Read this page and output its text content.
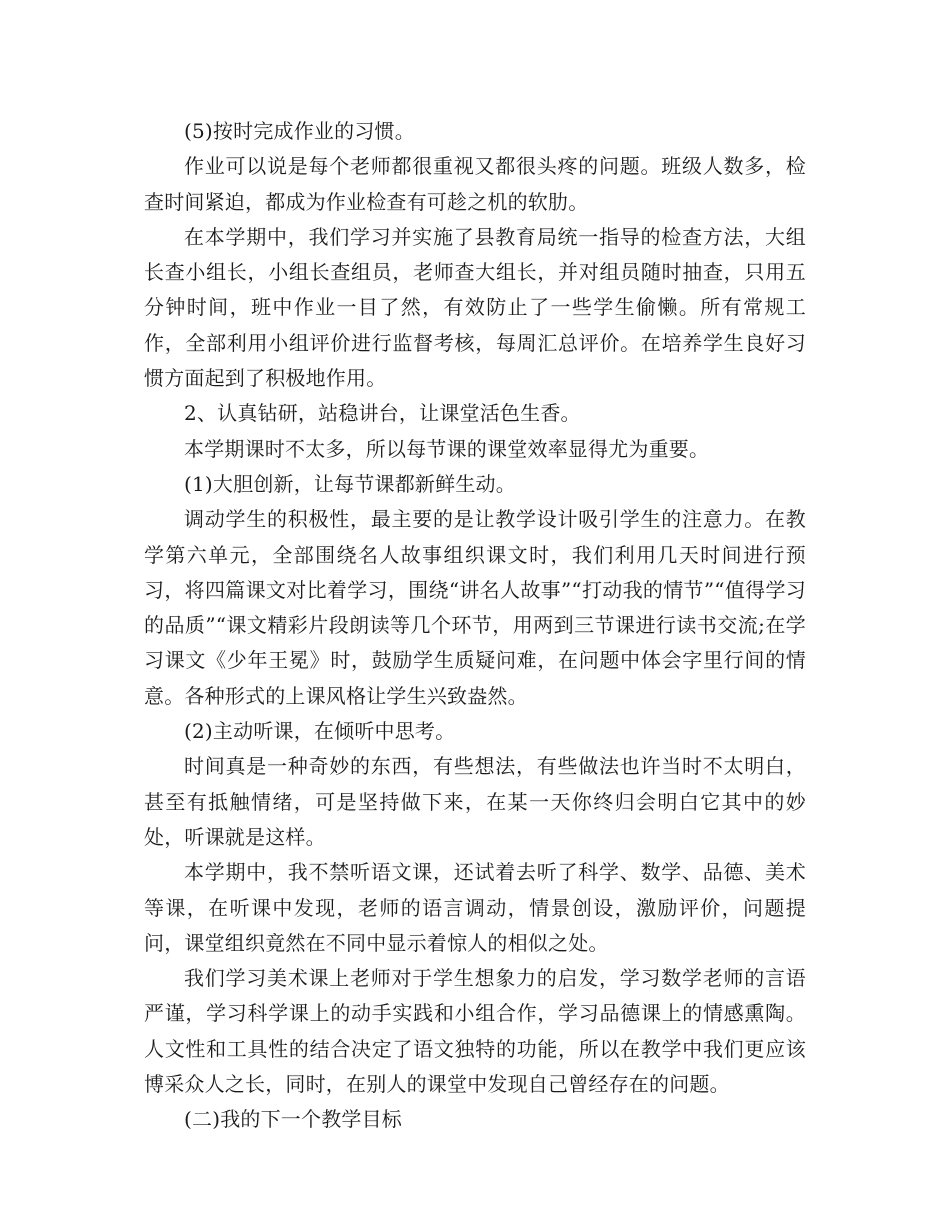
(5)按时完成作业的习惯。

作业可以说是每个老师都很重视又都很头疼的问题。班级人数多，检查时间紧迫，都成为作业检查有可趁之机的软肋。

在本学期中，我们学习并实施了县教育局统一指导的检查方法，大组长查小组长，小组长查组员，老师查大组长，并对组员随时抽查，只用五分钟时间，班中作业一目了然，有效防止了一些学生偷懒。所有常规工作，全部利用小组评价进行监督考核，每周汇总评价。在培养学生良好习惯方面起到了积极地作用。

2、认真钻研，站稳讲台，让课堂活色生香。

本学期课时不太多，所以每节课的课堂效率显得尤为重要。

(1)大胆创新，让每节课都新鲜生动。

调动学生的积极性，最主要的是让教学设计吸引学生的注意力。在教学第六单元，全部围绕名人故事组织课文时，我们利用几天时间进行预习，将四篇课文对比着学习，围绕“讲名人故事”“打动我的情节”“值得学习的品质”“课文精彩片段朗读等几个环节，用两到三节课进行读书交流;在学习课文《少年王冕》时，鼓励学生质疑问难，在问题中体会字里行间的情意。各种形式的上课风格让学生兴致盎然。

(2)主动听课，在倾听中思考。

时间真是一种奇妙的东西，有些想法，有些做法也许当时不太明白，甚至有抵触情绪，可是坚持做下来，在某一天你终归会明白它其中的妙处，听课就是这样。

本学期中，我不禁听语文课，还试着去听了科学、数学、品德、美术等课，在听课中发现，老师的语言调动，情景创设，激励评价，问题提问，课堂组织竟然在不同中显示着惊人的相似之处。

我们学习美术课上老师对于学生想象力的启发，学习数学老师的言语严谨，学习科学课上的动手实践和小组合作，学习品德课上的情感熏陶。人文性和工具性的结合决定了语文独特的功能，所以在教学中我们更应该博采众人之长，同时，在别人的课堂中发现自己曾经存在的问题。

(二)我的下一个教学目标
